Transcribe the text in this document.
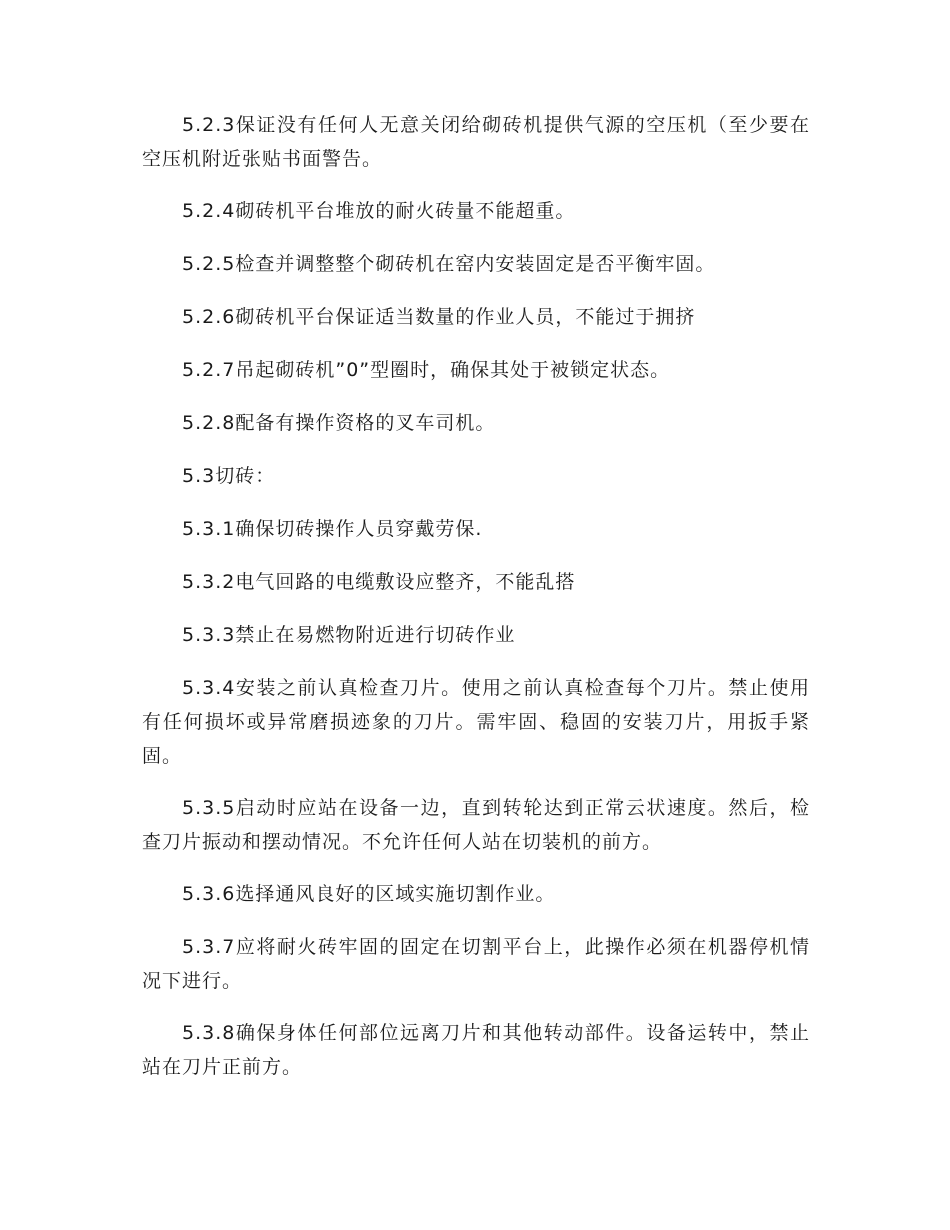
5.2.3保证没有任何人无意关闭给砌砖机提供气源的空压机（至少要在空压机附近张贴书面警告。

5.2.4砌砖机平台堆放的耐火砖量不能超重。

5.2.5检查并调整整个砌砖机在窑内安装固定是否平衡牢固。

5.2.6砌砖机平台保证适当数量的作业人员，不能过于拥挤

5.2.7吊起砌砖机”0”型圈时，确保其处于被锁定状态。

5.2.8配备有操作资格的叉车司机。

5.3切砖：

5.3.1确保切砖操作人员穿戴劳保.

5.3.2电气回路的电缆敷设应整齐，不能乱搭

5.3.3禁止在易燃物附近进行切砖作业

5.3.4安装之前认真检查刀片。使用之前认真检查每个刀片。禁止使用有任何损坏或异常磨损迹象的刀片。需牢固、稳固的安装刀片，用扳手紧固。

5.3.5启动时应站在设备一边，直到转轮达到正常云状速度。然后，检查刀片振动和摆动情况。不允许任何人站在切装机的前方。

5.3.6选择通风良好的区域实施切割作业。

5.3.7应将耐火砖牢固的固定在切割平台上，此操作必须在机器停机情况下进行。

5.3.8确保身体任何部位远离刀片和其他转动部件。设备运转中，禁止站在刀片正前方。
